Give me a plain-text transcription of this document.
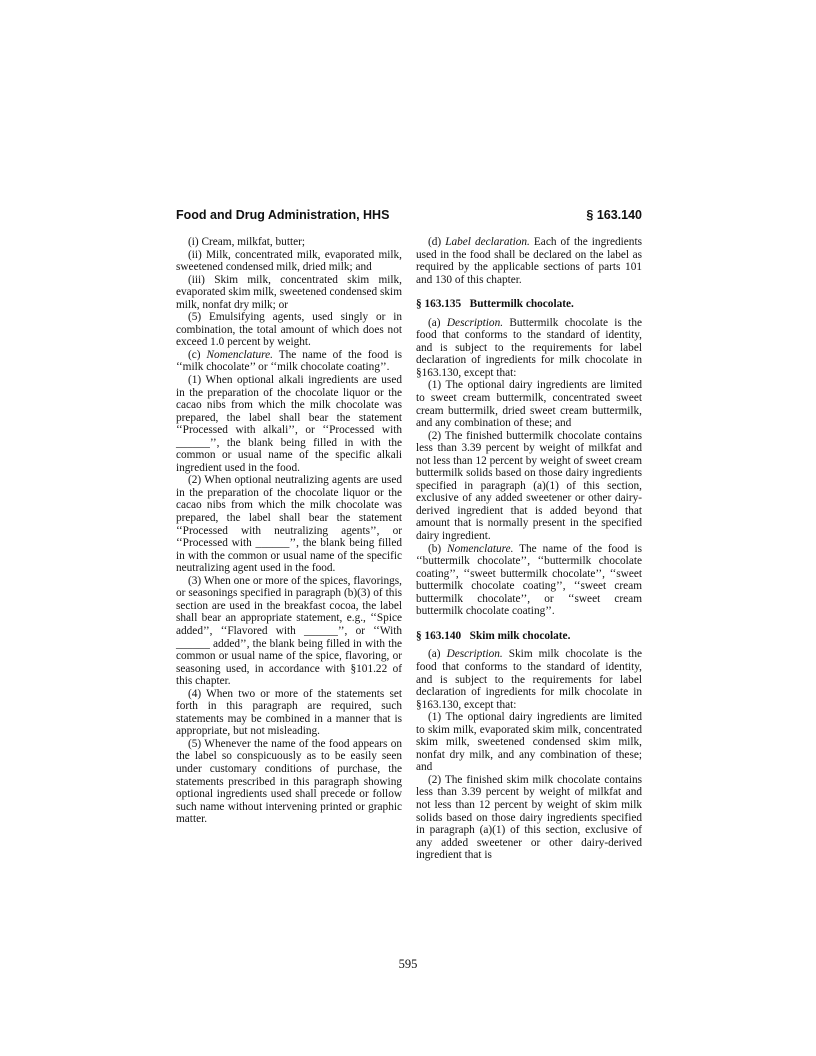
Food and Drug Administration, HHS	§ 163.140

(i) Cream, milkfat, butter;

(ii) Milk, concentrated milk, evaporated milk, sweetened condensed milk, dried milk; and

(iii) Skim milk, concentrated skim milk, evaporated skim milk, sweetened condensed skim milk, nonfat dry milk; or

(5) Emulsifying agents, used singly or in combination, the total amount of which does not exceed 1.0 percent by weight.

(c) Nomenclature. The name of the food is ‘‘milk chocolate’’ or ‘‘milk chocolate coating’’.

(1) When optional alkali ingredients are used in the preparation of the chocolate liquor or the cacao nibs from which the milk chocolate was prepared, the label shall bear the statement ‘‘Processed with alkali’’, or ‘‘Processed with ______’’, the blank being filled in with the common or usual name of the specific alkali ingredient used in the food.

(2) When optional neutralizing agents are used in the preparation of the chocolate liquor or the cacao nibs from which the milk chocolate was prepared, the label shall bear the statement ‘‘Processed with neutralizing agents’’, or ‘‘Processed with ______’’, the blank being filled in with the common or usual name of the specific neutralizing agent used in the food.

(3) When one or more of the spices, flavorings, or seasonings specified in paragraph (b)(3) of this section are used in the breakfast cocoa, the label shall bear an appropriate statement, e.g., ‘‘Spice added’’, ‘‘Flavored with ______’’, or ‘‘With ______ added’’, the blank being filled in with the common or usual name of the spice, flavoring, or seasoning used, in accordance with §101.22 of this chapter.

(4) When two or more of the statements set forth in this paragraph are required, such statements may be combined in a manner that is appropriate, but not misleading.

(5) Whenever the name of the food appears on the label so conspicuously as to be easily seen under customary conditions of purchase, the statements prescribed in this paragraph showing optional ingredients used shall precede or follow such name without intervening printed or graphic matter.

(d) Label declaration. Each of the ingredients used in the food shall be declared on the label as required by the applicable sections of parts 101 and 130 of this chapter.

§ 163.135 Buttermilk chocolate.

(a) Description. Buttermilk chocolate is the food that conforms to the standard of identity, and is subject to the requirements for label declaration of ingredients for milk chocolate in §163.130, except that:

(1) The optional dairy ingredients are limited to sweet cream buttermilk, concentrated sweet cream buttermilk, dried sweet cream buttermilk, and any combination of these; and

(2) The finished buttermilk chocolate contains less than 3.39 percent by weight of milkfat and not less than 12 percent by weight of sweet cream buttermilk solids based on those dairy ingredients specified in paragraph (a)(1) of this section, exclusive of any added sweetener or other dairy-derived ingredient that is added beyond that amount that is normally present in the specified dairy ingredient.

(b) Nomenclature. The name of the food is ‘‘buttermilk chocolate’’, ‘‘buttermilk chocolate coating’’, ‘‘sweet buttermilk chocolate’’, ‘‘sweet buttermilk chocolate coating’’, ‘‘sweet cream buttermilk chocolate’’, or ‘‘sweet cream buttermilk chocolate coating’’.

§ 163.140 Skim milk chocolate.

(a) Description. Skim milk chocolate is the food that conforms to the standard of identity, and is subject to the requirements for label declaration of ingredients for milk chocolate in §163.130, except that:

(1) The optional dairy ingredients are limited to skim milk, evaporated skim milk, concentrated skim milk, sweetened condensed skim milk, nonfat dry milk, and any combination of these; and

(2) The finished skim milk chocolate contains less than 3.39 percent by weight of milkfat and not less than 12 percent by weight of skim milk solids based on those dairy ingredients specified in paragraph (a)(1) of this section, exclusive of any added sweetener or other dairy-derived ingredient that is

595
